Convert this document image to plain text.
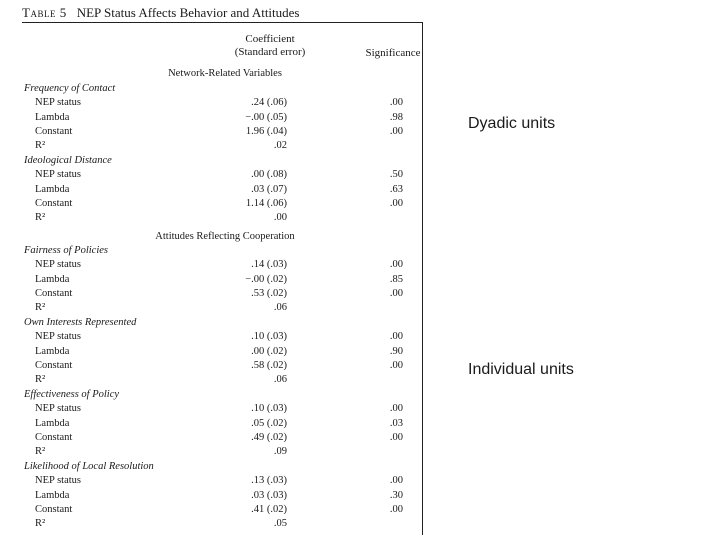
Table 5 NEP Status Affects Behavior and Attitudes
Coefficient
(Standard error)	Significance
Network-Related Variables
Frequency of Contact
NEP status	.24 (.06)	.00
Lambda	−.00 (.05)	.98
Constant	1.96 (.04)	.00
R²	.02
Ideological Distance
NEP status	.00 (.08)	.50
Lambda	.03 (.07)	.63
Constant	1.14 (.06)	.00
R²	.00
Attitudes Reflecting Cooperation
Fairness of Policies
NEP status	.14 (.03)	.00
Lambda	−.00 (.02)	.85
Constant	.53 (.02)	.00
R²	.06
Own Interests Represented
NEP status	.10 (.03)	.00
Lambda	.00 (.02)	.90
Constant	.58 (.02)	.00
R²	.06
Effectiveness of Policy
NEP status	.10 (.03)	.00
Lambda	.05 (.02)	.03
Constant	.49 (.02)	.00
R²	.09
Likelihood of Local Resolution
NEP status	.13 (.03)	.00
Lambda	.03 (.03)	.30
Constant	.41 (.02)	.00
R²	.05
Dyadic units
Individual units
